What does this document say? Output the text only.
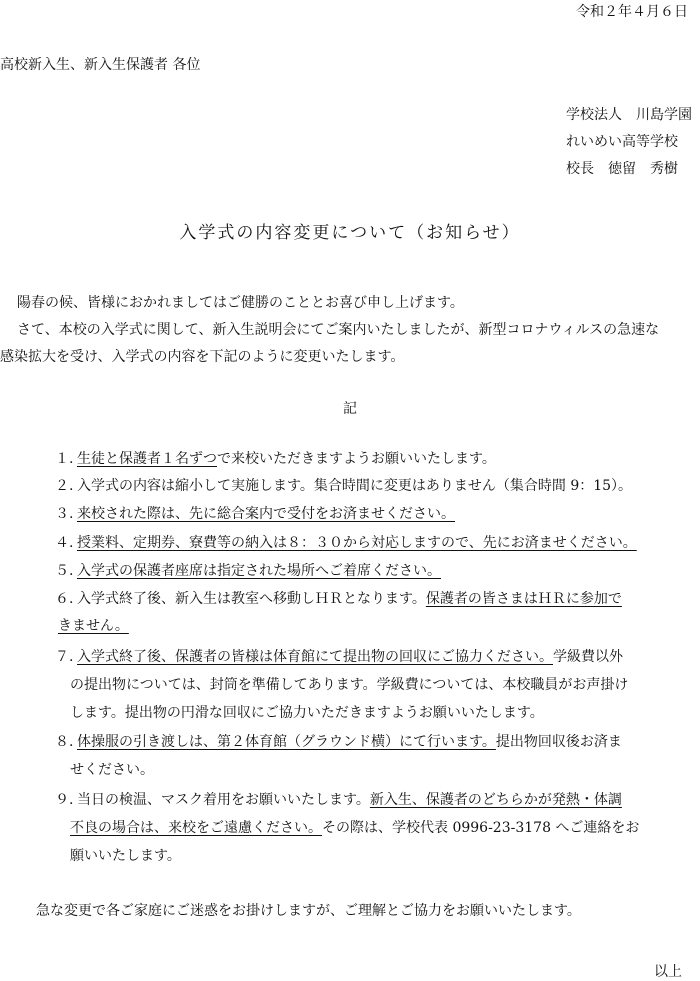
令和２年４月６日
高校新入生、新入生保護者 各位
学校法人　川島学園
れいめい高等学校
校長　徳留　秀樹
入学式の内容変更について（お知らせ）
陽春の候、皆様におかれましてはご健勝のこととお喜び申し上げます。
さて、本校の入学式に関して、新入生説明会にてご案内いたしましたが、新型コロナウィルスの急速な
感染拡大を受け、入学式の内容を下記のように変更いたします。
記
１. 生徒と保護者１名ずつで来校いただきますようお願いいたします。
２. 入学式の内容は縮小して実施します。集合時間に変更はありません（集合時間 9：15）。
３. 来校された際は、先に総合案内で受付をお済ませください。
４. 授業料、定期券、寮費等の納入は８：３０から対応しますので、先にお済ませください。
５. 入学式の保護者座席は指定された場所へご着席ください。
６. 入学式終了後、新入生は教室へ移動しＨＲとなります。保護者の皆さまはＨＲに参加で
きません。
７. 入学式終了後、保護者の皆様は体育館にて提出物の回収にご協力ください。学級費以外
の提出物については、封筒を準備してあります。学級費については、本校職員がお声掛け
します。提出物の円滑な回収にご協力いただきますようお願いいたします。
８. 体操服の引き渡しは、第２体育館（グラウンド横）にて行います。提出物回収後お済ま
せください。
９. 当日の検温、マスク着用をお願いいたします。新入生、保護者のどちらかが発熱・体調
不良の場合は、来校をご遠慮ください。その際は、学校代表 0996-23-3178 へご連絡をお
願いいたします。
急な変更で各ご家庭にご迷惑をお掛けしますが、ご理解とご協力をお願いいたします。
以上
